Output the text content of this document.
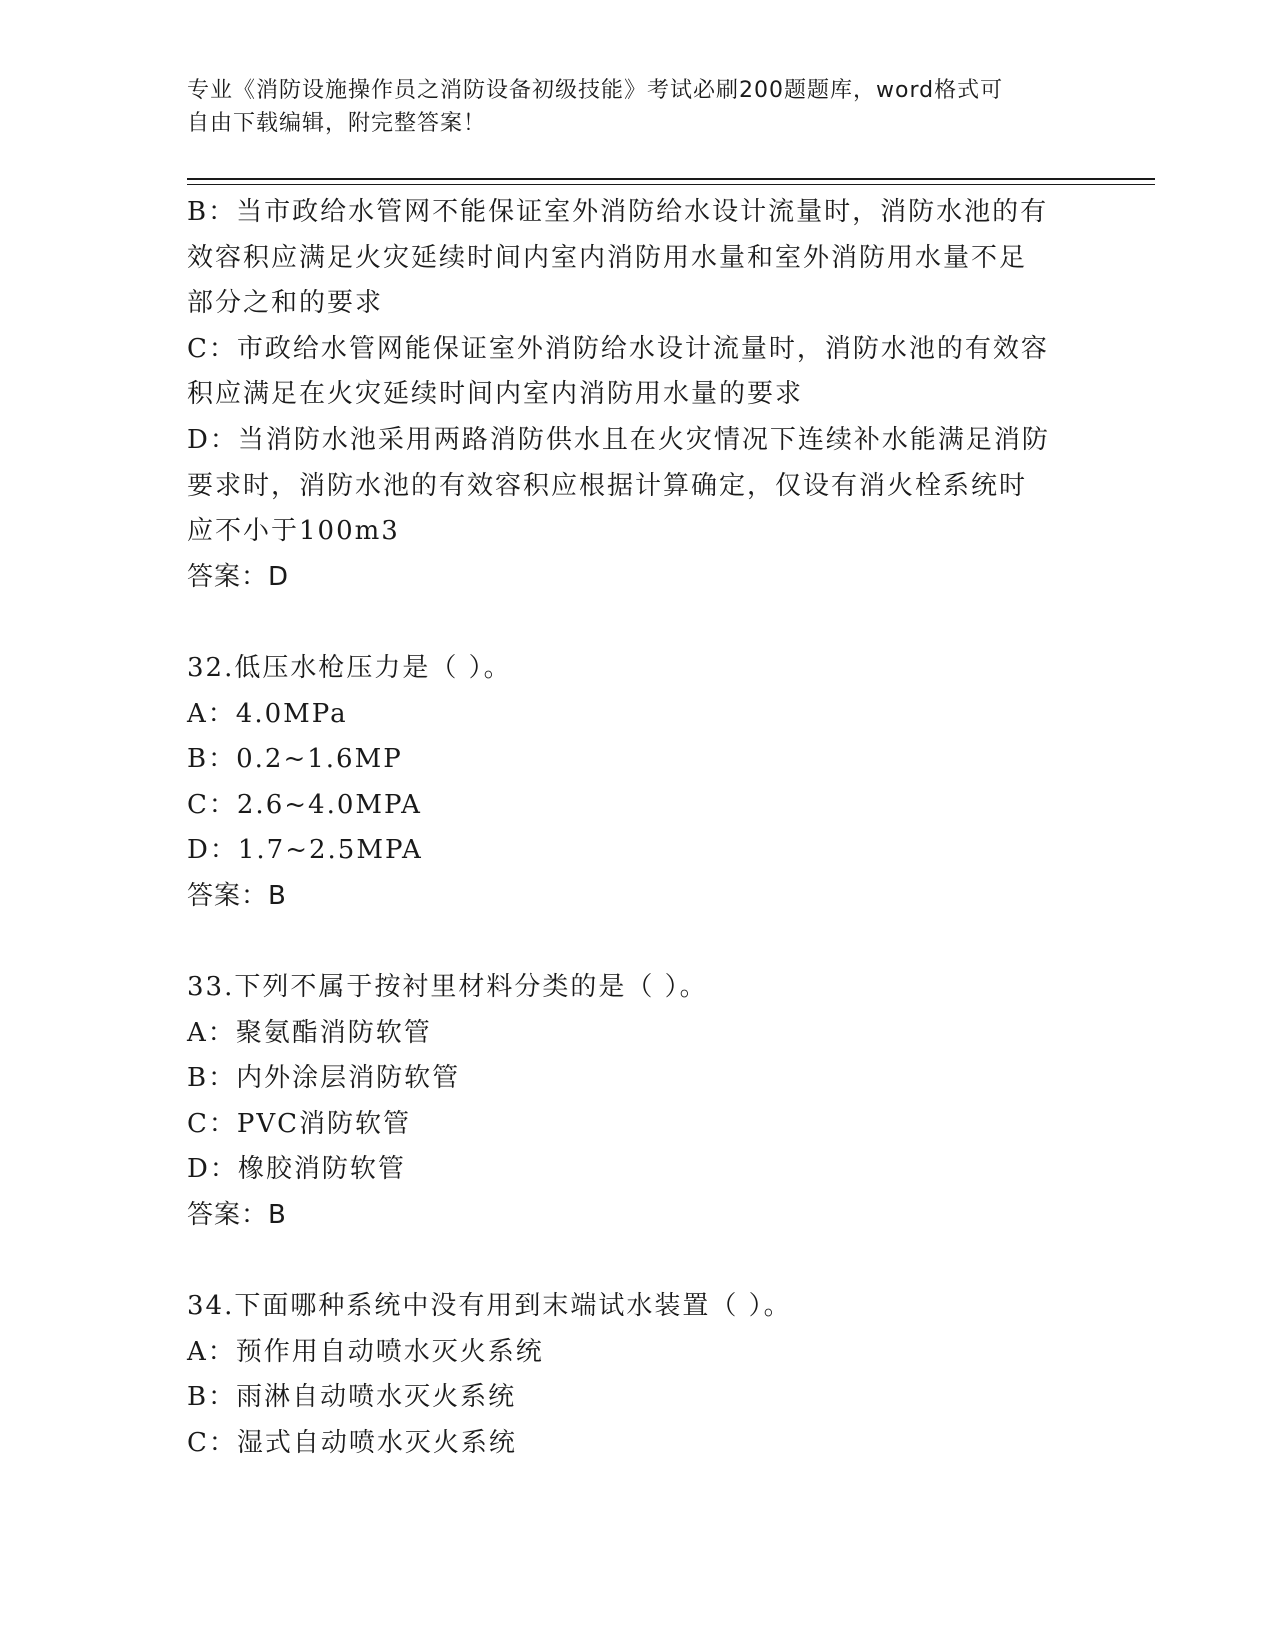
专业《消防设施操作员之消防设备初级技能》考试必刷200题题库，word格式可
自由下载编辑，附完整答案！
B：当市政给水管网不能保证室外消防给水设计流量时，消防水池的有
效容积应满足火灾延续时间内室内消防用水量和室外消防用水量不足
部分之和的要求
C：市政给水管网能保证室外消防给水设计流量时，消防水池的有效容
积应满足在火灾延续时间内室内消防用水量的要求
D：当消防水池采用两路消防供水且在火灾情况下连续补水能满足消防
要求时，消防水池的有效容积应根据计算确定，仅设有消火栓系统时
应不小于100m3
答案：D
32.低压水枪压力是（ ）。
A：4.0MPa
B：0.2~1.6MP
C：2.6~4.0MPA
D：1.7~2.5MPA
答案：B
33.下列不属于按衬里材料分类的是（ ）。
A：聚氨酯消防软管
B：内外涂层消防软管
C：PVC消防软管
D：橡胶消防软管
答案：B
34.下面哪种系统中没有用到末端试水装置（ ）。
A：预作用自动喷水灭火系统
B：雨淋自动喷水灭火系统
C：湿式自动喷水灭火系统
